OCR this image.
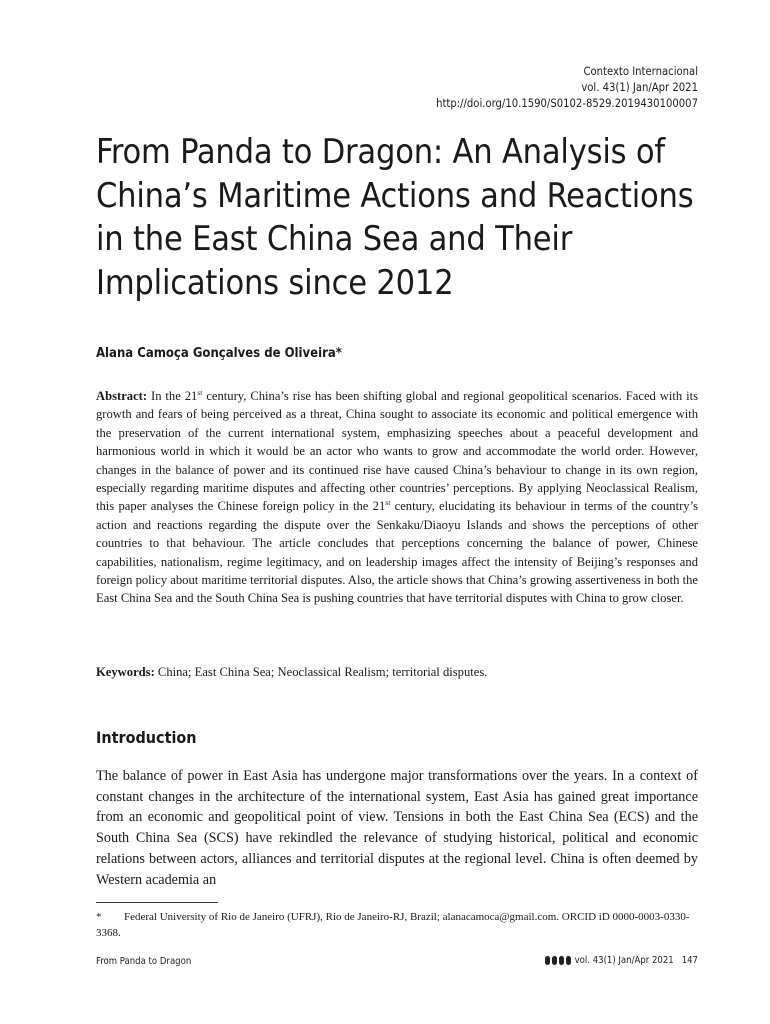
Contexto Internacional
vol. 43(1) Jan/Apr 2021
http://doi.org/10.1590/S0102-8529.2019430100007
From Panda to Dragon: An Analysis of China’s Maritime Actions and Reactions in the East China Sea and Their Implications since 2012
Alana Camoça Gonçalves de Oliveira*

Abstract: In the 21st century, China’s rise has been shifting global and regional geopolitical scenarios. Faced with its growth and fears of being perceived as a threat, China sought to associate its economic and political emergence with the preservation of the current international system, emphasizing speeches about a peaceful development and harmonious world in which it would be an actor who wants to grow and accommodate the world order. However, changes in the balance of power and its continued rise have caused China’s behaviour to change in its own region, especially regarding maritime disputes and affecting other countries’ perceptions. By applying Neoclassical Realism, this paper analyses the Chinese foreign policy in the 21st century, elucidating its behaviour in terms of the country’s action and reactions regarding the dispute over the Senkaku/Diaoyu Islands and shows the perceptions of other countries to that behaviour. The article concludes that perceptions concerning the balance of power, Chinese capabilities, nationalism, regime legitimacy, and on leadership images affect the intensity of Beijing’s responses and foreign policy about maritime territorial disputes. Also, the article shows that China’s growing assertiveness in both the East China Sea and the South China Sea is pushing countries that have territorial disputes with China to grow closer.

Keywords: China; East China Sea; Neoclassical Realism; territorial disputes.

Introduction

The balance of power in East Asia has undergone major transformations over the years. In a context of constant changes in the architecture of the international system, East Asia has gained great importance from an economic and geopolitical point of view. Tensions in both the East China Sea (ECS) and the South China Sea (SCS) have rekindled the relevance of studying historical, political and economic relations between actors, alliances and territorial disputes at the regional level. China is often deemed by Western academia an

* Federal University of Rio de Janeiro (UFRJ), Rio de Janeiro-RJ, Brazil; alanacamoca@gmail.com. ORCID iD 0000-0003-0330-3368.

From Panda to Dragon	vol. 43(1) Jan/Apr 2021 147
